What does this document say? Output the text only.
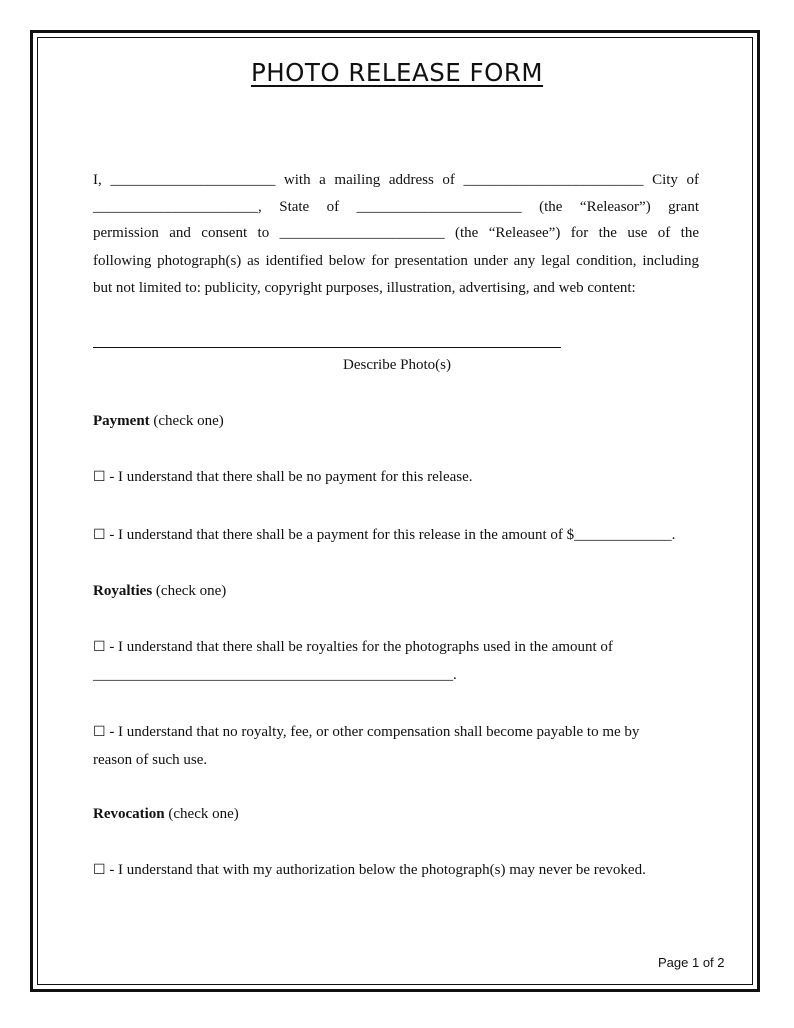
PHOTO RELEASE FORM
I, ______________________ with a mailing address of ________________________ City of
______________________, State of ______________________ (the “Releasor”) grant
permission and consent to ______________________ (the “Releasee”) for the use of the
following photograph(s) as identified below for presentation under any legal condition, including
but not limited to: publicity, copyright purposes, illustration, advertising, and web content:
Describe Photo(s)
Payment (check one)
☐ - I understand that there shall be no payment for this release.
☐ - I understand that there shall be a payment for this release in the amount of $_____________.
Royalties (check one)
☐ - I understand that there shall be royalties for the photographs used in the amount of
________________________________________________.
☐ - I understand that no royalty, fee, or other compensation shall become payable to me by
reason of such use.
Revocation (check one)
☐ - I understand that with my authorization below the photograph(s) may never be revoked.
Page 1 of 2
